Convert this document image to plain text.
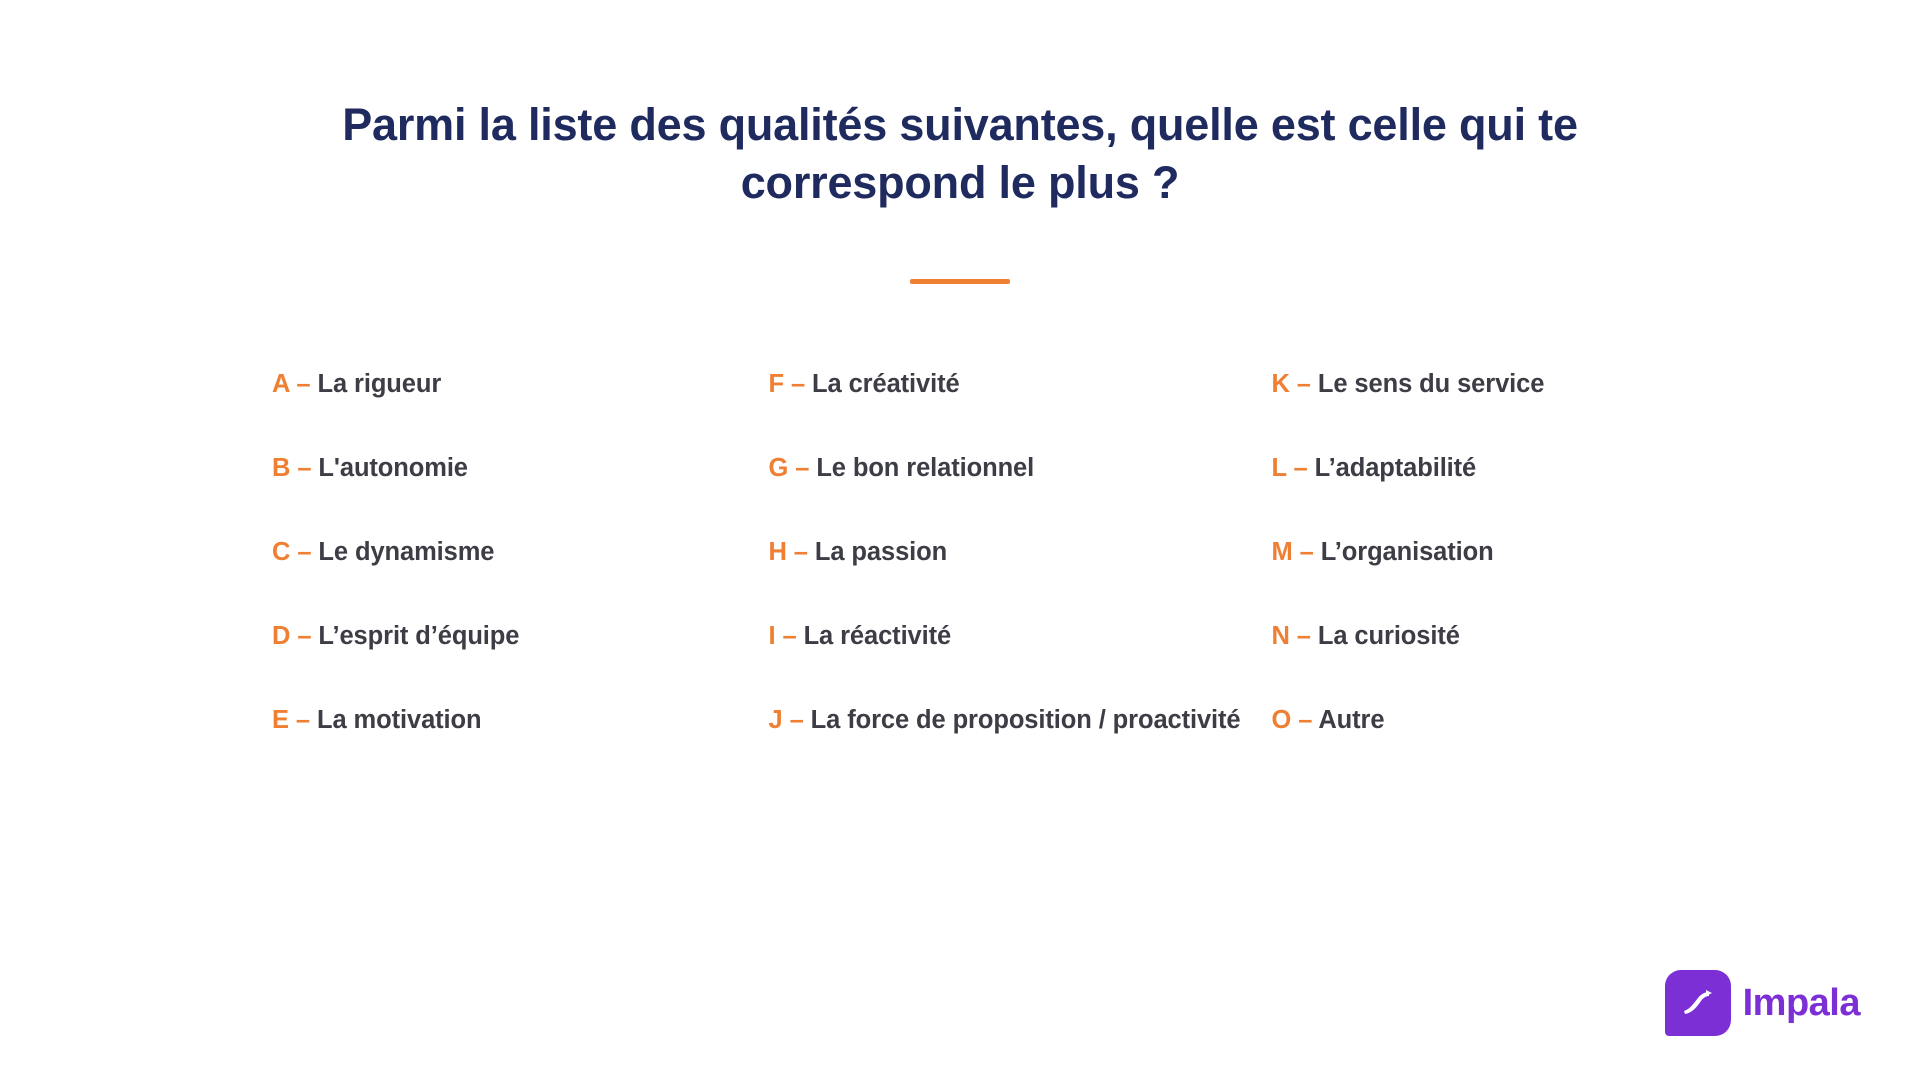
Parmi la liste des qualités suivantes, quelle est celle qui te correspond le plus ?
A – La rigueur
B – L'autonomie
C – Le dynamisme
D – L’esprit d’équipe
E – La motivation
F – La créativité
G – Le bon relationnel
H – La passion
I – La réactivité
J – La force de proposition / proactivité
K – Le sens du service
L – L’adaptabilité
M – L’organisation
N – La curiosité
O – Autre
Impala
